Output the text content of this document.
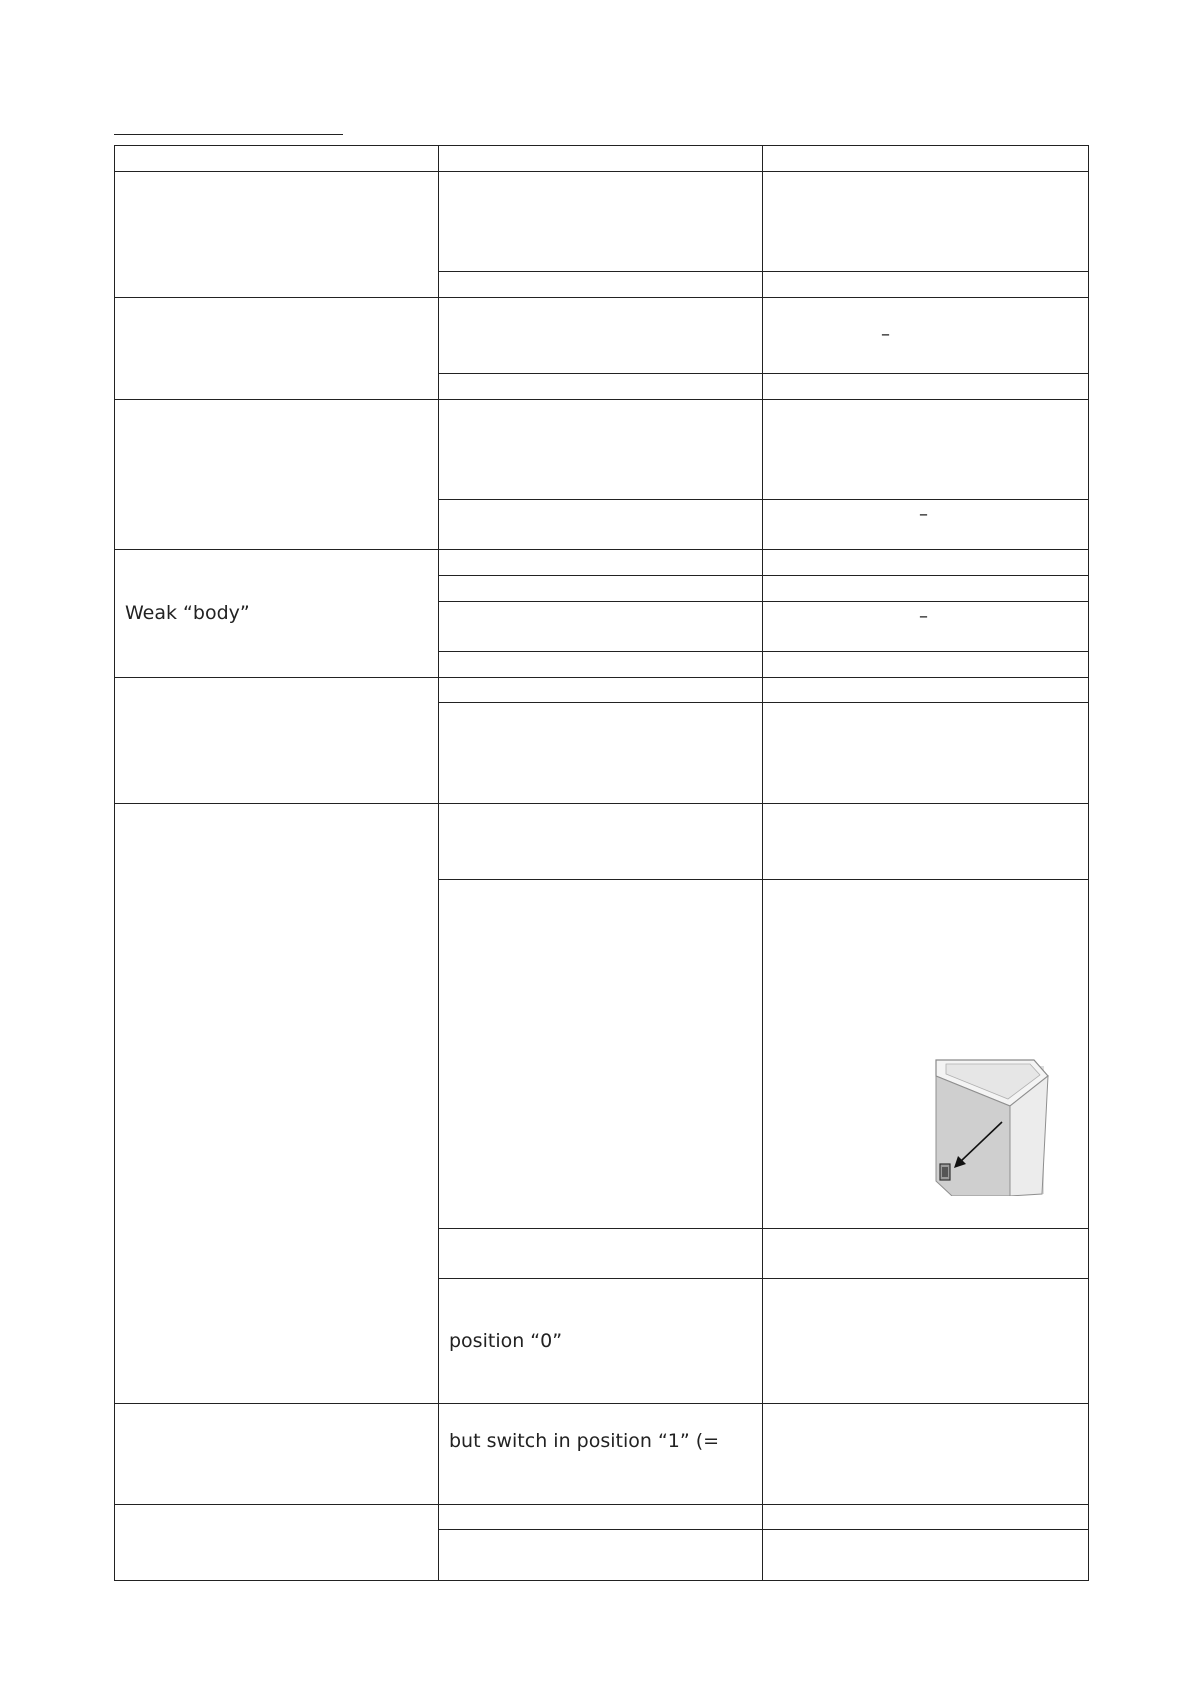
		–

		–

Weak “body”		

		–

	position “0”	
	but switch in position “1” (=	
